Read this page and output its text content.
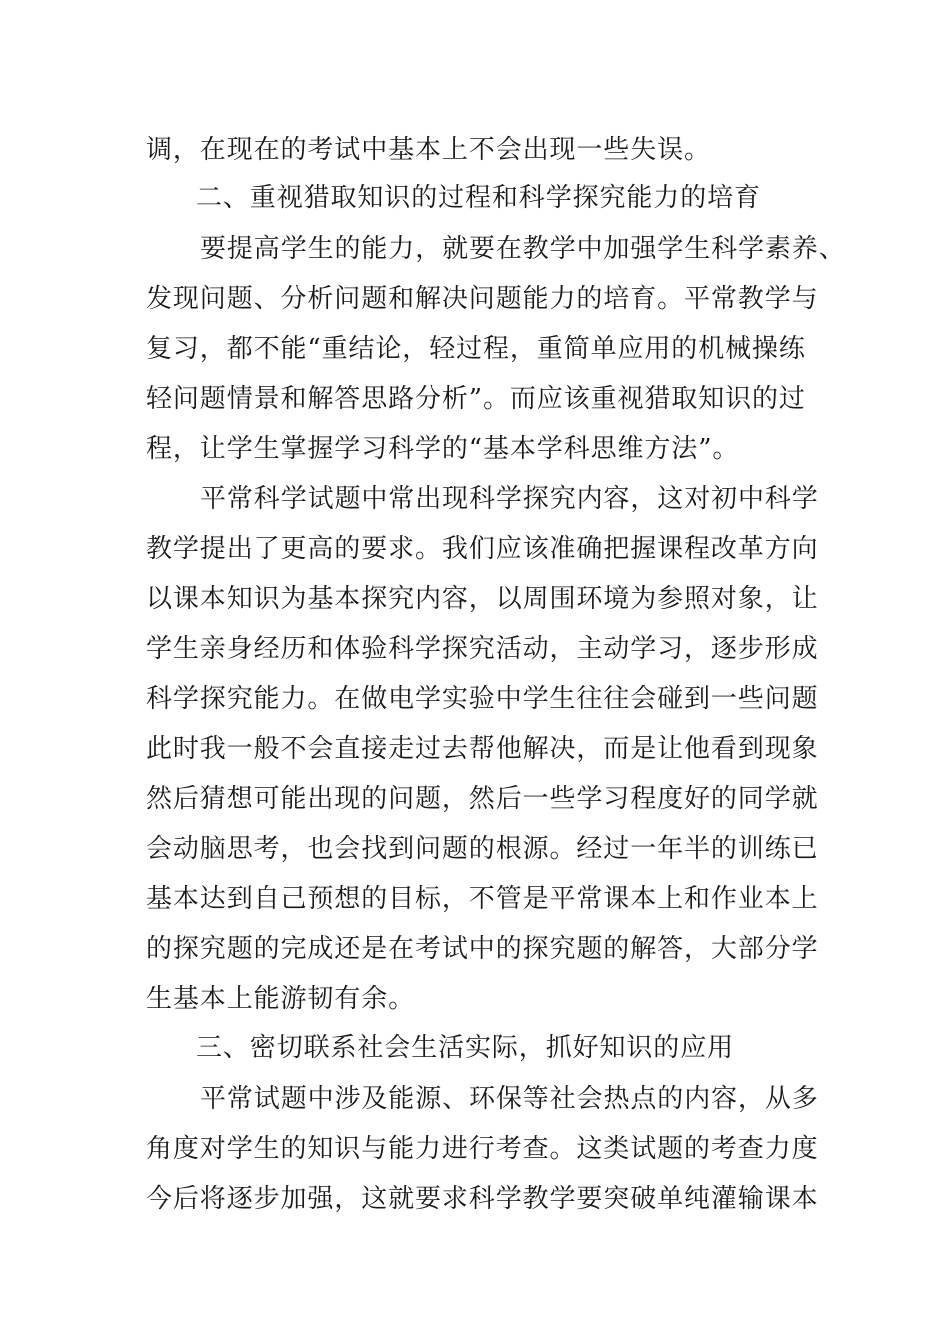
调，在现在的考试中基本上不会出现一些失误。
二、重视猎取知识的过程和科学探究能力的培育
要提高学生的能力，就要在教学中加强学生科学素养、
发现问题、分析问题和解决问题能力的培育。平常教学与
复习，都不能“重结论，轻过程，重简单应用的机械操练
轻问题情景和解答思路分析”。而应该重视猎取知识的过
程，让学生掌握学习科学的“基本学科思维方法”。
平常科学试题中常出现科学探究内容，这对初中科学
教学提出了更高的要求。我们应该准确把握课程改革方向
以课本知识为基本探究内容，以周围环境为参照对象，让
学生亲身经历和体验科学探究活动，主动学习，逐步形成
科学探究能力。在做电学实验中学生往往会碰到一些问题
此时我一般不会直接走过去帮他解决，而是让他看到现象
然后猜想可能出现的问题，然后一些学习程度好的同学就
会动脑思考，也会找到问题的根源。经过一年半的训练已
基本达到自己预想的目标，不管是平常课本上和作业本上
的探究题的完成还是在考试中的探究题的解答，大部分学
生基本上能游韧有余。
三、密切联系社会生活实际，抓好知识的应用
平常试题中涉及能源、环保等社会热点的内容，从多
角度对学生的知识与能力进行考查。这类试题的考查力度
今后将逐步加强，这就要求科学教学要突破单纯灌输课本
